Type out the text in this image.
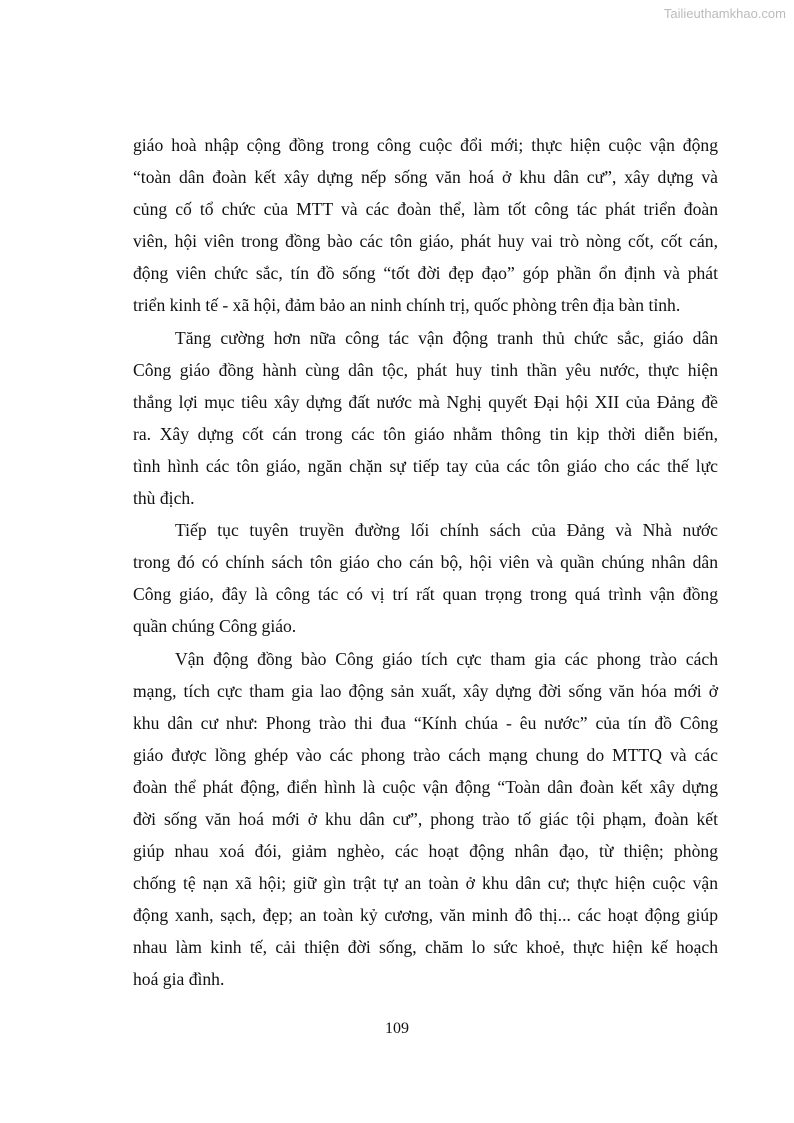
Tailieuthamkhao.com
giáo hoà nhập cộng đồng trong công cuộc đổi mới; thực hiện cuộc vận động
“toàn dân đoàn kết xây dựng nếp sống văn hoá ở khu dân cư”, xây dựng và
củng cố tổ chức của MTT và các đoàn thể, làm tốt công tác phát triển đoàn
viên, hội viên trong đồng bào các tôn giáo, phát huy vai trò nòng cốt, cốt cán,
động viên chức sắc, tín đồ sống “tốt đời đẹp đạo” góp phần ổn định và phát
triển kinh tế - xã hội, đảm bảo an ninh chính trị, quốc phòng trên địa bàn tỉnh.
Tăng cường hơn nữa công tác vận động tranh thủ chức sắc, giáo dân
Công giáo đồng hành cùng dân tộc, phát huy tinh thần yêu nước, thực hiện
thắng lợi mục tiêu xây dựng đất nước mà Nghị quyết Đại hội XII của Đảng đề
ra. Xây dựng cốt cán trong các tôn giáo nhằm thông tin kịp thời diễn biến,
tình hình các tôn giáo, ngăn chặn sự tiếp tay của các tôn giáo cho các thế lực
thù địch.
Tiếp tục tuyên truyền đường lối chính sách của Đảng và Nhà nước
trong đó có chính sách tôn giáo cho cán bộ, hội viên và quần chúng nhân dân
Công giáo, đây là công tác có vị trí rất quan trọng trong quá trình vận đồng
quần chúng Công giáo.
Vận động đồng bào Công giáo tích cực tham gia các phong trào cách
mạng, tích cực tham gia lao động sản xuất, xây dựng đời sống văn hóa mới ở
khu dân cư như: Phong trào thi đua “Kính chúa - êu nước” của tín đồ Công
giáo được lồng ghép vào các phong trào cách mạng chung do MTTQ và các
đoàn thể phát động, điển hình là cuộc vận động “Toàn dân đoàn kết xây dựng
đời sống văn hoá mới ở khu dân cư”, phong trào tố giác tội phạm, đoàn kết
giúp nhau xoá đói, giảm nghèo, các hoạt động nhân đạo, từ thiện; phòng
chống tệ nạn xã hội; giữ gìn trật tự an toàn ở khu dân cư; thực hiện cuộc vận
động xanh, sạch, đẹp; an toàn kỷ cương, văn minh đô thị... các hoạt động giúp
nhau làm kinh tế, cải thiện đời sống, chăm lo sức khoẻ, thực hiện kế hoạch
hoá gia đình.
109
